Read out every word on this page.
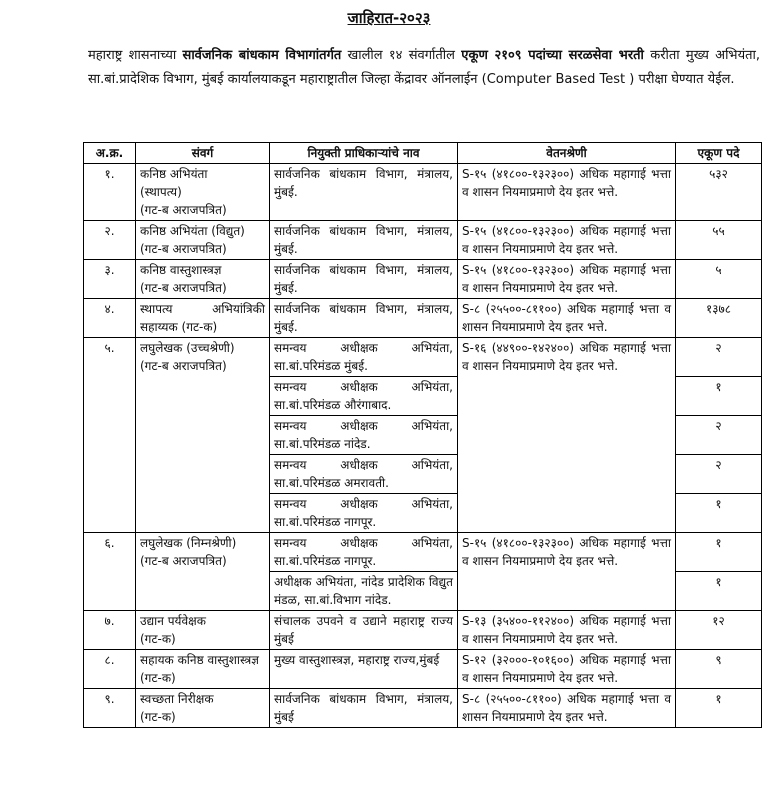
जाहिरात-२०२३
महाराष्ट्र शासनाच्या सार्वजनिक बांधकाम विभागांतर्गत खालील १४ संवर्गातील एकूण २१०९ पदांच्या सरळसेवा भरती करीता मुख्य अभियंता, सा.बां.प्रादेशिक विभाग, मुंबई कार्यालयाकडून महाराष्ट्रातील जिल्हा केंद्रावर ऑनलाईन (Computer Based Test ) परीक्षा घेण्यात येईल.
अ.क्र.	संवर्ग	नियुक्ती प्राधिकाऱ्यांचे नाव	वेतनश्रेणी	एकूण पदे
१.	कनिष्ठ अभियंता
(स्थापत्य)
(गट-ब अराजपत्रित)	सार्वजनिक बांधकाम विभाग, मंत्रालय, मुंबई.	S-१५ (४१८००-१३२३००) अधिक महागाई भत्ता व शासन नियमाप्रमाणे देय इतर भत्ते.	५३२
२.	कनिष्ठ अभियंता (विद्युत)
(गट-ब अराजपत्रित)	सार्वजनिक बांधकाम विभाग, मंत्रालय, मुंबई.	S-१५ (४१८००-१३२३००) अधिक महागाई भत्ता व शासन नियमाप्रमाणे देय इतर भत्ते.	५५
३.	कनिष्ठ वास्तुशास्त्रज्ञ
(गट-ब अराजपत्रित)	सार्वजनिक बांधकाम विभाग, मंत्रालय, मुंबई.	S-१५ (४१८००-१३२३००) अधिक महागाई भत्ता व शासन नियमाप्रमाणे देय इतर भत्ते.	५
४.	स्थापत्य अभियांत्रिकी सहाय्यक (गट-क)	सार्वजनिक बांधकाम विभाग, मंत्रालय, मुंबई.	S-८ (२५५००-८११००) अधिक महागाई भत्ता व शासन नियमाप्रमाणे देय इतर भत्ते.	१३७८
५.	लघुलेखक (उच्चश्रेणी)
(गट-ब अराजपत्रित)	समन्वय अधीक्षक अभियंता, सा.बां.परिमंडळ मुंबई.	S-१६ (४४९००-१४२४००) अधिक महागाई भत्ता व शासन नियमाप्रमाणे देय इतर भत्ते.	२
		समन्वय अधीक्षक अभियंता, सा.बां.परिमंडळ औरंगाबाद.		१
		समन्वय अधीक्षक अभियंता, सा.बां.परिमंडळ नांदेड.		२
		समन्वय अधीक्षक अभियंता, सा.बां.परिमंडळ अमरावती.		२
		समन्वय अधीक्षक अभियंता, सा.बां.परिमंडळ नागपूर.		१
६.	लघुलेखक (निम्नश्रेणी)
(गट-ब अराजपत्रित)	समन्वय अधीक्षक अभियंता, सा.बां.परिमंडळ नागपूर.	S-१५ (४१८००-१३२३००) अधिक महागाई भत्ता व शासन नियमाप्रमाणे देय इतर भत्ते.	१
		अधीक्षक अभियंता, नांदेड प्रादेशिक विद्युत मंडळ, सा.बां.विभाग नांदेड.		१
७.	उद्यान पर्यवेक्षक
(गट-क)	संचालक उपवने व उद्याने महाराष्ट्र राज्य मुंबई	S-१३ (३५४००-११२४००) अधिक महागाई भत्ता व शासन नियमाप्रमाणे देय इतर भत्ते.	१२
८.	सहायक कनिष्ठ वास्तुशास्त्रज्ञ
(गट-क)	मुख्य वास्तुशास्त्रज्ञ, महाराष्ट्र राज्य,मुंबई	S-१२ (३२०००-१०१६००) अधिक महागाई भत्ता व शासन नियमाप्रमाणे देय इतर भत्ते.	९
९.	स्वच्छता निरीक्षक
(गट-क)	सार्वजनिक बांधकाम विभाग, मंत्रालय, मुंबई	S-८ (२५५००-८११००) अधिक महागाई भत्ता व शासन नियमाप्रमाणे देय इतर भत्ते.	१
